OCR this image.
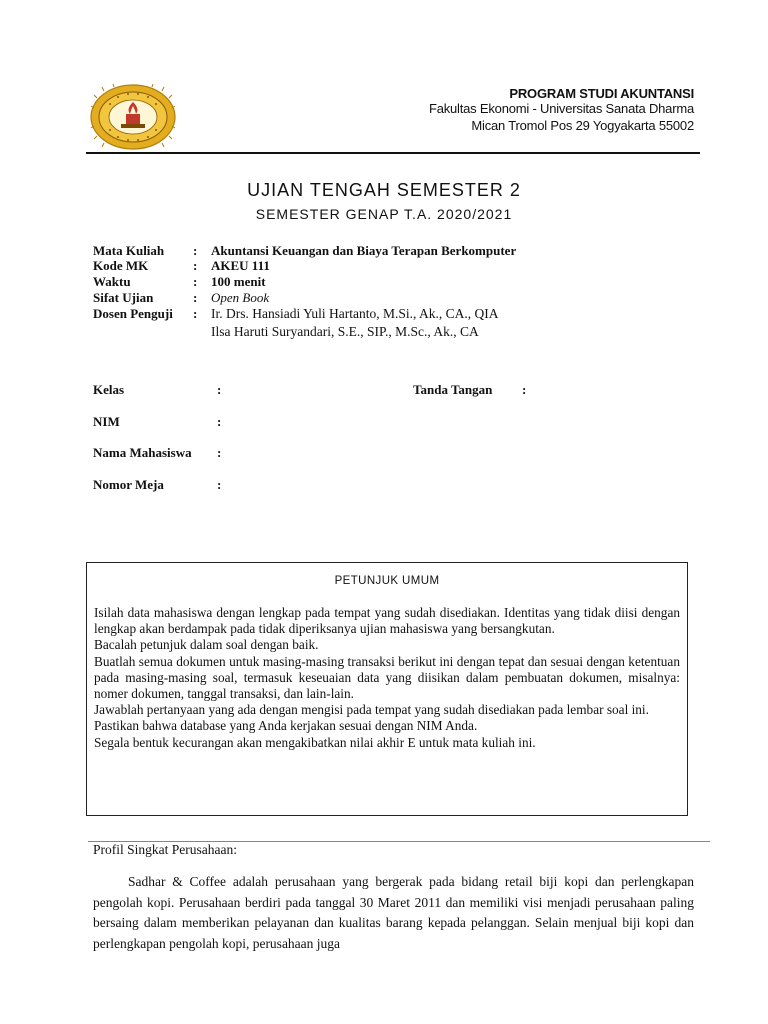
PROGRAM STUDI AKUNTANSI
Fakultas Ekonomi - Universitas Sanata Dharma
Mican Tromol Pos 29 Yogyakarta 55002
UJIAN TENGAH SEMESTER 2
SEMESTER GENAP T.A. 2020/2021
Mata Kuliah : Akuntansi Keuangan dan Biaya Terapan Berkomputer
Kode MK	: AKEU 111
Waktu	: 100 menit
Sifat Ujian	: Open Book
Dosen Penguji : Ir. Drs. Hansiadi Yuli Hartanto, M.Si., Ak., CA., QIA
Ilsa Haruti Suryandari, S.E., SIP., M.Sc., Ak., CA
Kelas	:	Tanda Tangan :
NIM	:
Nama Mahasiswa :
Nomor Meja	:
PETUNJUK UMUM

Isilah data mahasiswa dengan lengkap pada tempat yang sudah disediakan. Identitas yang tidak diisi dengan lengkap akan berdampak pada tidak diperiksanya ujian mahasiswa yang bersangkutan.

Bacalah petunjuk dalam soal dengan baik.

Buatlah semua dokumen untuk masing-masing transaksi berikut ini dengan tepat dan sesuai dengan ketentuan pada masing-masing soal, termasuk keseuaian data yang diisikan dalam pembuatan dokumen, misalnya: nomer dokumen, tanggal transaksi, dan lain-lain.

Jawablah pertanyaan yang ada dengan mengisi pada tempat yang sudah disediakan pada lembar soal ini.

Pastikan bahwa database yang Anda kerjakan sesuai dengan NIM Anda.

Segala bentuk kecurangan akan mengakibatkan nilai akhir E untuk mata kuliah ini.

Profil Singkat Perusahaan:

Sadhar & Coffee adalah perusahaan yang bergerak pada bidang retail biji kopi dan perlengkapan pengolah kopi. Perusahaan berdiri pada tanggal 30 Maret 2011 dan memiliki visi menjadi perusahaan paling bersaing dalam memberikan pelayanan dan kualitas barang kepada pelanggan. Selain menjual biji kopi dan perlengkapan pengolah kopi, perusahaan juga
